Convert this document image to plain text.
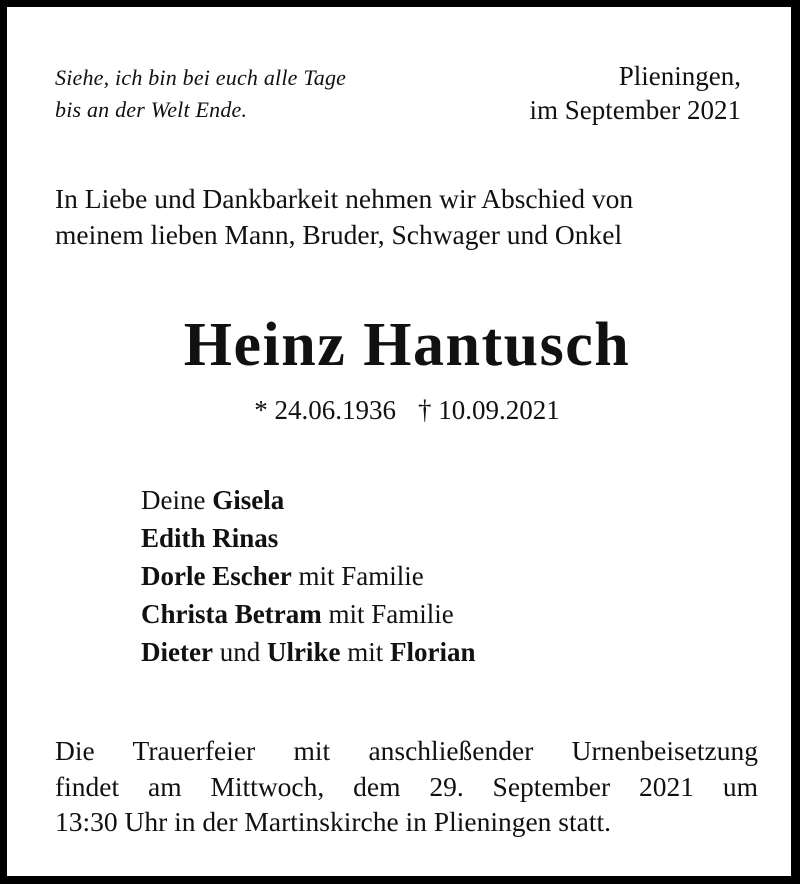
Siehe, ich bin bei euch alle Tage
bis an der Welt Ende.
Plieningen,
im September 2021
In Liebe und Dankbarkeit nehmen wir Abschied von
meinem lieben Mann, Bruder, Schwager und Onkel
Heinz Hantusch
* 24.06.1936 † 10.09.2021
Deine Gisela
Edith Rinas
Dorle Escher mit Familie
Christa Betram mit Familie
Dieter und Ulrike mit Florian
Die Trauerfeier mit anschließender Urnenbeisetzung
findet am Mittwoch, dem 29. September 2021 um
13:30 Uhr in der Martinskirche in Plieningen statt.
